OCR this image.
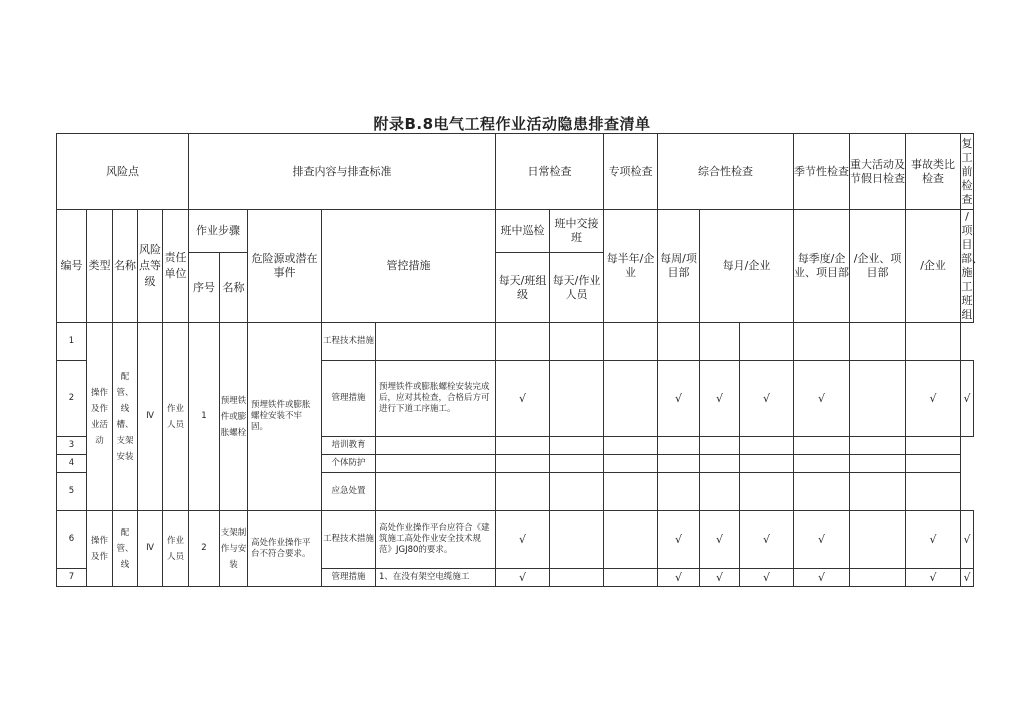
附录B.8电气工程作业活动隐患排查清单
风险点					排查内容与排查标准					日常检查		专项检查	综合性检查			季节性检查	重大活动及节假日检查	事故类比检查	复工前检查
编号	类型	名称	风险点等级	责任单位	作业步骤		危险源或潜在事件	管控措施		班中巡检	班中交接班	每半年/企业	每周/项目部	每月/企业		每季度/企业、项目部	/企业、项目部	/企业	/项目部、施工班组
					序号	名称				每天/班组级	每天/作业人员								
1	操作及作业活动	配管、线槽、支架安装	Ⅳ	作业人员	1	预埋铁件或膨胀螺栓	预埋铁件或膨胀螺栓安装不牢固。	工程技术措施											
2								管理措施	预埋铁件或膨胀螺栓安装完成后，应对其检查，合格后方可进行下道工序施工。	√			√	√	√	√		√	√
3								培训教育											
4								个体防护											
5								应急处置											
6	操作及作	配管、线	Ⅳ	作业人员	2	支架制作与安装	高处作业操作平台不符合要求。	工程技术措施	高处作业操作平台应符合《建筑施工高处作业安全技术规范》JGJ80的要求。	√			√	√	√	√		√	√
7								管理措施	1、在没有架空电缆施工	√			√	√	√	√		√	√
